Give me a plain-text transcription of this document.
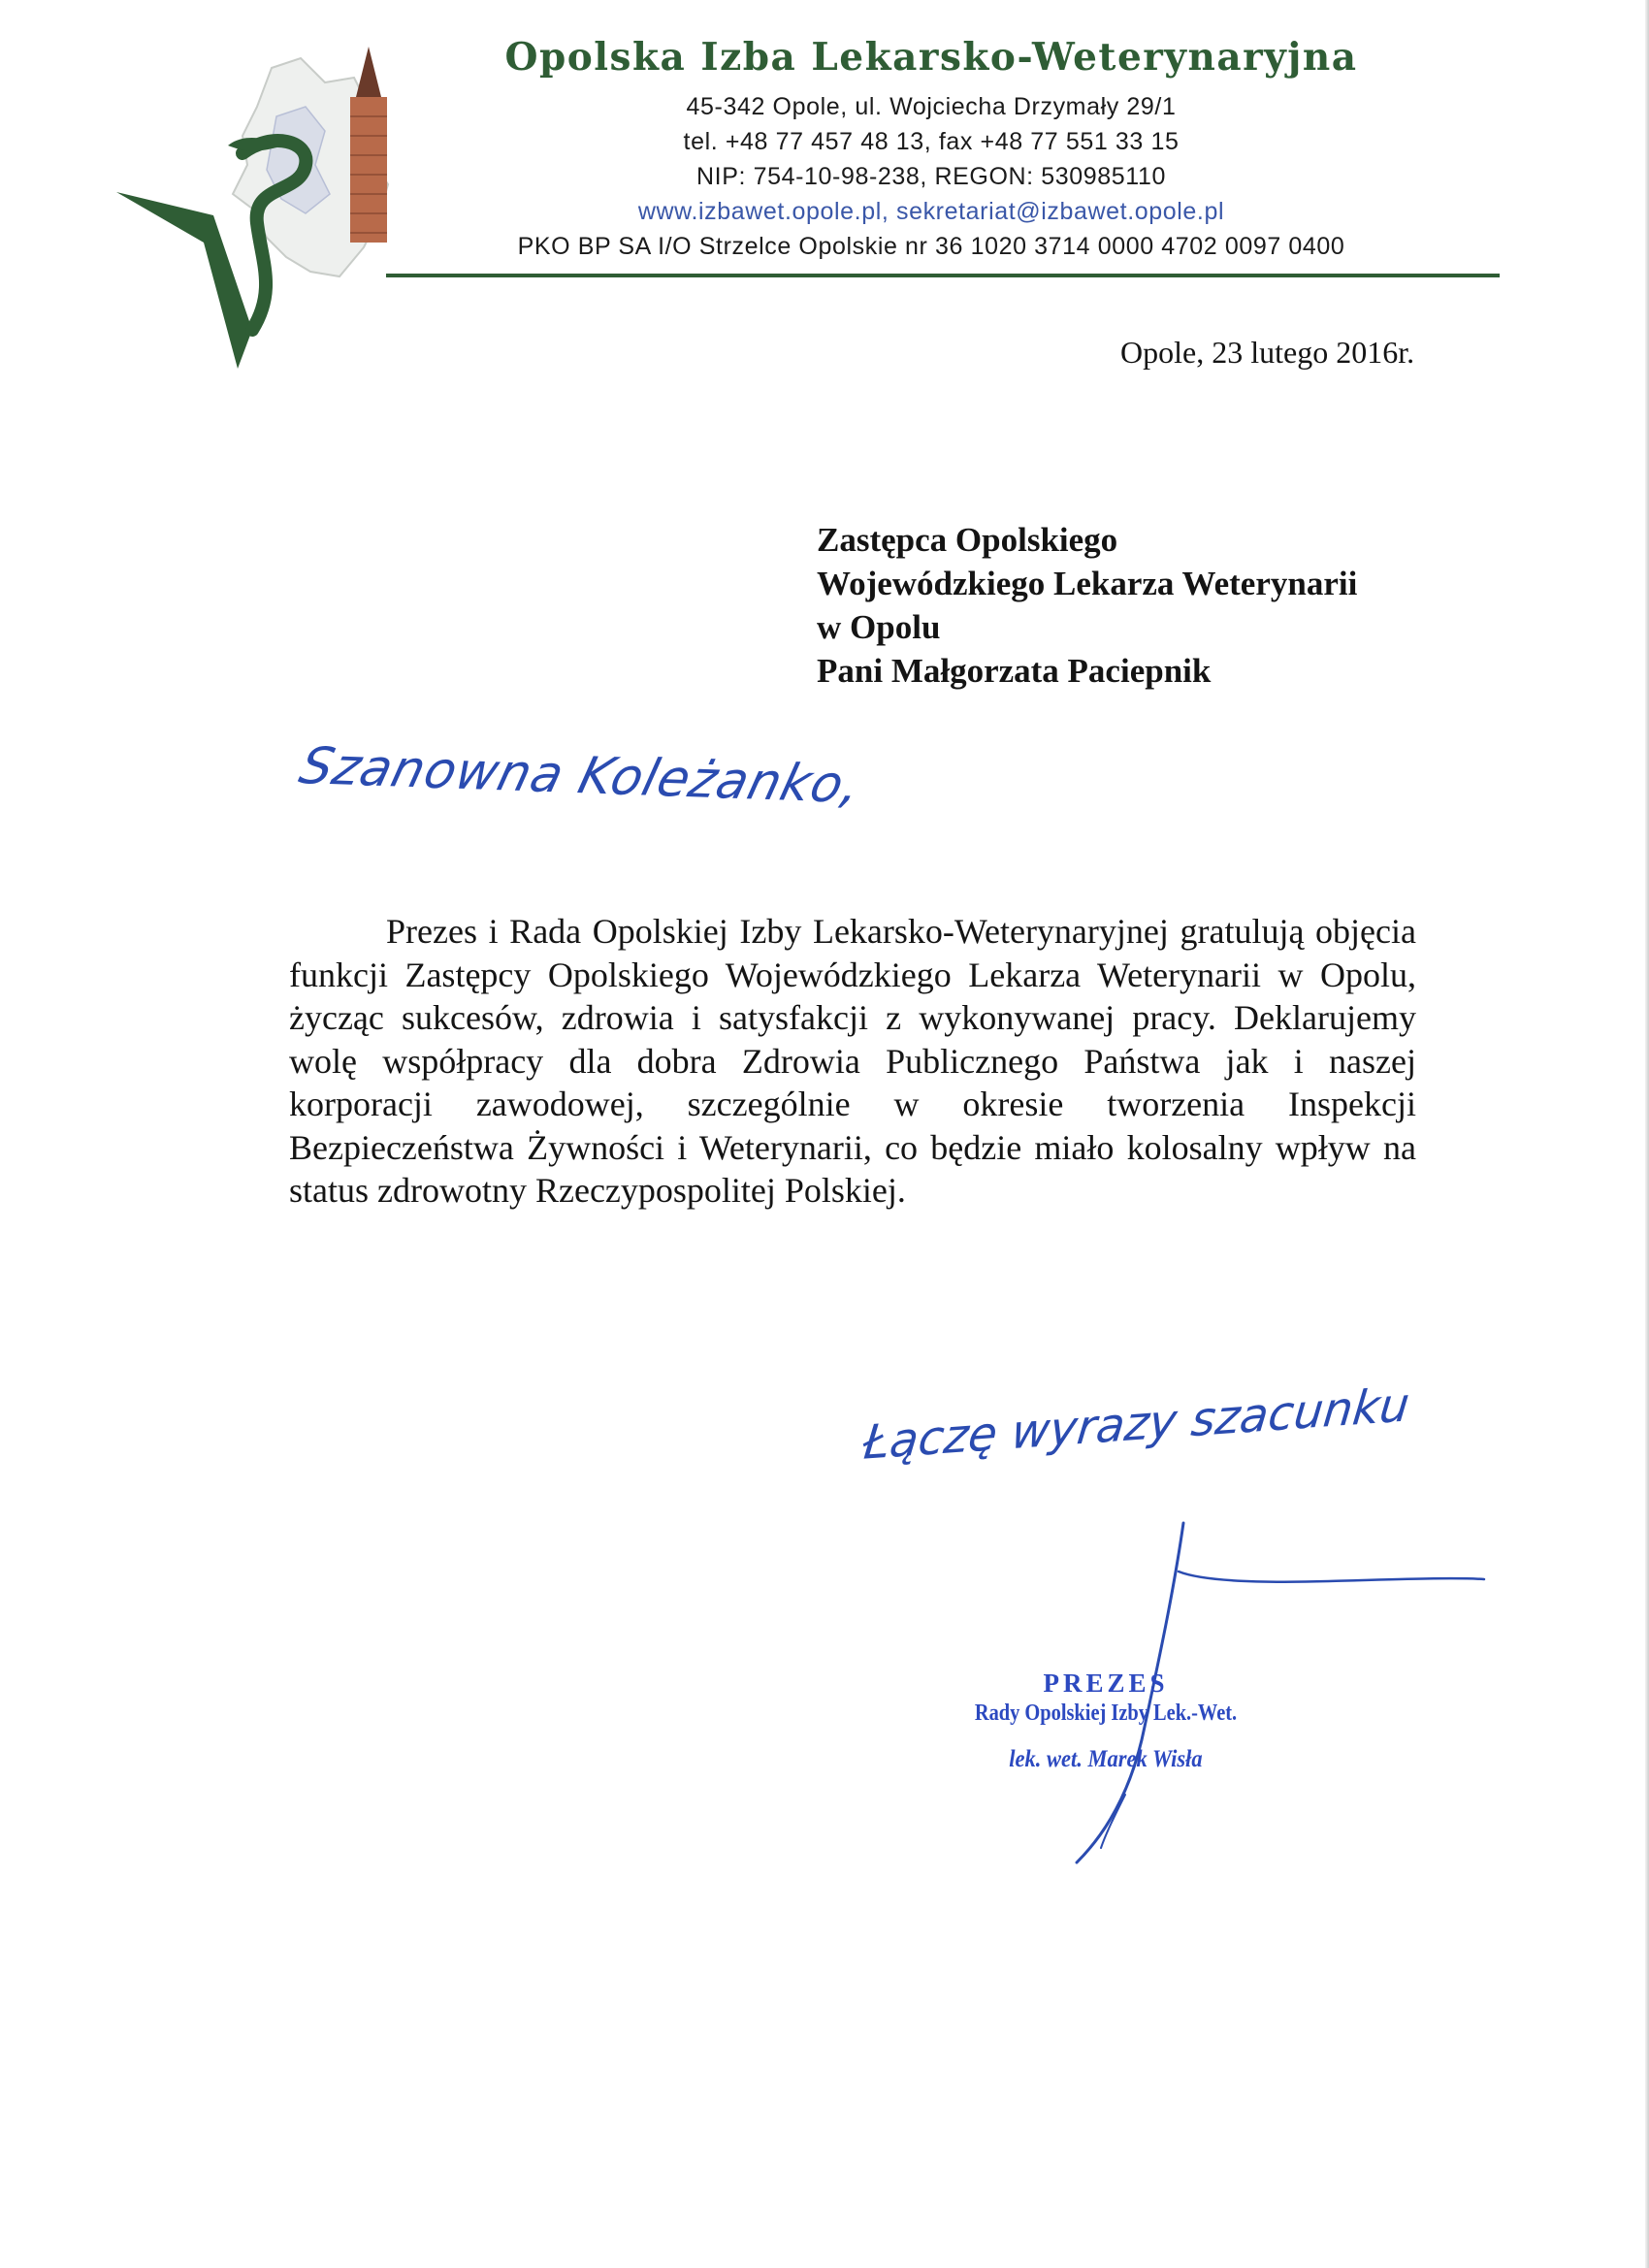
Opolska Izba Lekarsko-Weterynaryjna
45-342 Opole, ul. Wojciecha Drzymały 29/1
tel. +48 77 457 48 13, fax +48 77 551 33 15
NIP: 754-10-98-238, REGON: 530985110
www.izbawet.opole.pl, sekretariat@izbawet.opole.pl
PKO BP SA I/O Strzelce Opolskie nr 36 1020 3714 0000 4702 0097 0400
Opole, 23 lutego 2016r.
Zastępca Opolskiego
Wojewódzkiego Lekarza Weterynarii
w Opolu
Pani Małgorzata Paciepnik
Szanowna Koleżanko,

Prezes i Rada Opolskiej Izby Lekarsko-Weterynaryjnej gratulują objęcia funkcji Zastępcy Opolskiego Wojewódzkiego Lekarza Weterynarii w Opolu, życząc sukcesów, zdrowia i satysfakcji z wykonywanej pracy. Deklarujemy wolę współpracy dla dobra Zdrowia Publicznego Państwa jak i naszej korporacji zawodowej, szczególnie w okresie tworzenia Inspekcji Bezpieczeństwa Żywności i Weterynarii, co będzie miało kolosalny wpływ na status zdrowotny Rzeczypospolitej Polskiej.

Łączę wyrazy szacunku
PREZES
Rady Opolskiej Izby Lek.-Wet.
lek. wet. Marek Wisła
